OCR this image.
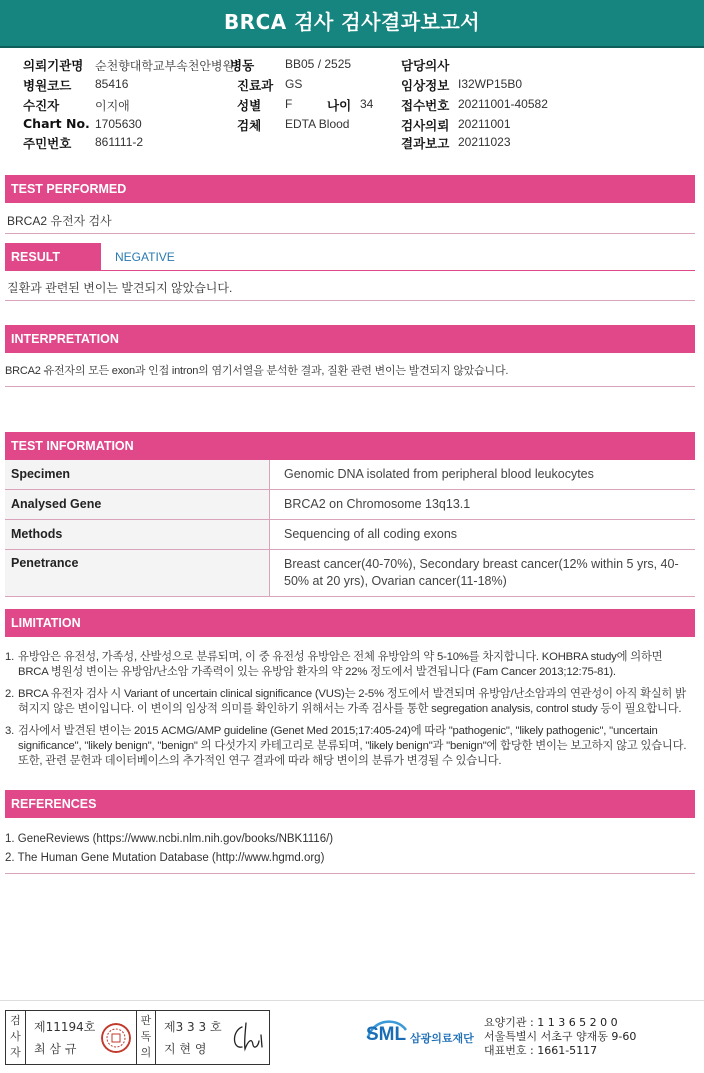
BRCA 검사 검사결과보고서
의뢰기관명 순천향대학교부속천안병원
병동	BB05 / 2525	담당의사
병원코드 85416	진료과 GS	임상정보 I32WP15B0
수진자	이지애	성별 F	나이 34 접수번호 20211001-40582
Chart No. 1705630	검체 EDTA Blood	검사의뢰 20211001
주민번호 861111-2	결과보고 20211023
TEST PERFORMED
BRCA2 유전자 검사
RESULT	NEGATIVE
질환과 관련된 변이는 발견되지 않았습니다.
INTERPRETATION
BRCA2 유전자의 모든 exon과 인접 intron의 염기서열을 분석한 결과, 질환 관련 변이는 발견되지 않았습니다.
TEST INFORMATION
Specimen	Genomic DNA isolated from peripheral blood leukocytes
Analysed Gene	BRCA2 on Chromosome 13q13.1
Methods	Sequencing of all coding exons
Penetrance	Breast cancer(40-70%), Secondary breast cancer(12% within 5 yrs, 40-50% at 20 yrs), Ovarian cancer(11-18%)
LIMITATION
1. 유방암은 유전성, 가족성, 산발성으로 분류되며, 이 중 유전성 유방암은 전체 유방암의 약 5-10%를 차지합니다. KOHBRA study에 의하면 BRCA 병원성 변이는 유방암/난소암 가족력이 있는 유방암 환자의 약 22% 정도에서 발견됩니다 (Fam Cancer 2013;12:75-81).
2. BRCA 유전자 검사 시 Variant of uncertain clinical significance (VUS)는 2-5% 정도에서 발견되며 유방암/난소암과의 연관성이 아직 확실히 밝혀지지 않은 변이입니다. 이 변이의 임상적 의미를 확인하기 위해서는 가족 검사를 통한 segregation analysis, control study 등이 필요합니다.
3. 검사에서 발견된 변이는 2015 ACMG/AMP guideline (Genet Med 2015;17:405-24)에 따라 "pathogenic", "likely pathogenic", "uncertain significance", "likely benign", "benign" 의 다섯가지 카테고리로 분류되며, "likely benign"과 "benign"에 합당한 변이는 보고하지 않고 있습니다. 또한, 관련 문헌과 데이터베이스의 추가적인 연구 결과에 따라 해당 변이의 분류가 변경될 수 있습니다.
REFERENCES
1. GeneReviews (https://www.ncbi.nlm.nih.gov/books/NBK1116/)
2. The Human Gene Mutation Database (http://www.hgmd.org)
검사자
제11194호
최 삼 규
판독의
제3 3 3 호
지 현 영
SML 삼광의료재단
요양기관 : 1 1 3 6 5 2 0 0
서울특별시 서초구 양재동 9-60
대표번호 : 1661-5117
